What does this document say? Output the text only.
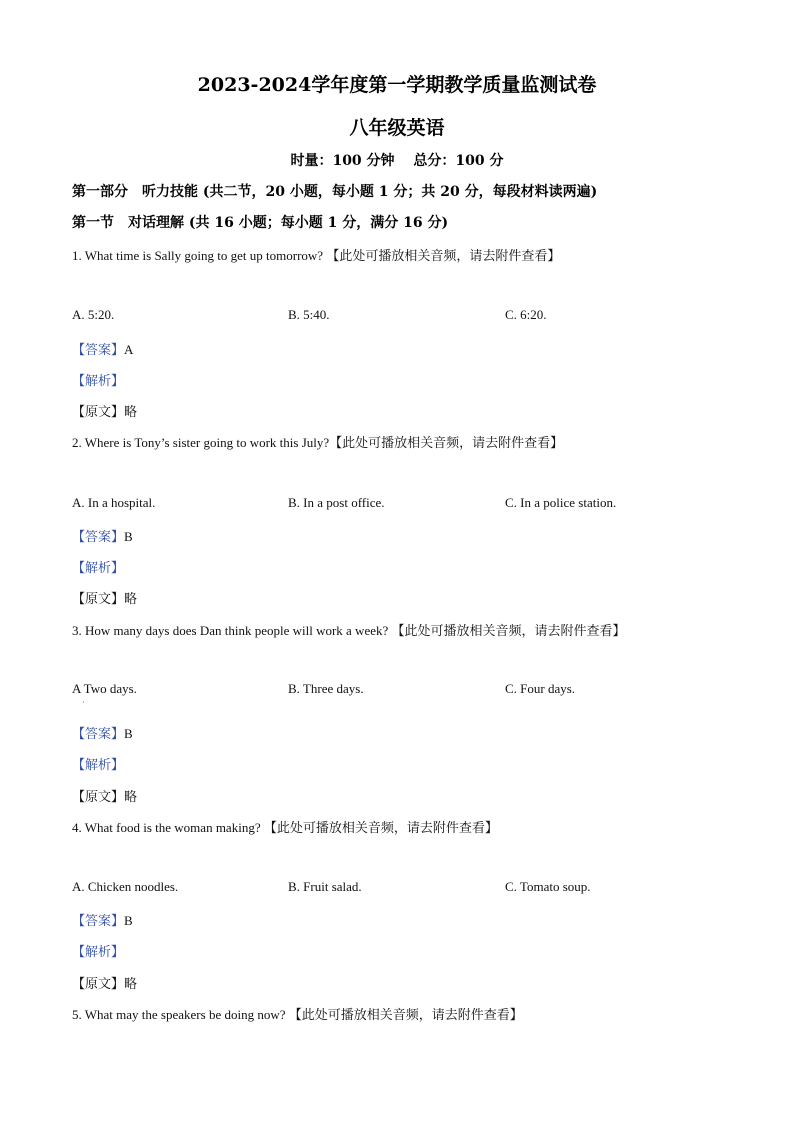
2023-2024学年度第一学期教学质量监测试卷
八年级英语
时量：100 分钟　 总分：100 分
第一部分　听力技能 (共二节，20 小题，每小题 1 分；共 20 分，每段材料读两遍)
第一节　对话理解 (共 16 小题；每小题 1 分，满分 16 分)
1. What time is Sally going to get up tomorrow? 【此处可播放相关音频，请去附件查看】
A. 5:20.	B. 5:40.	C. 6:20.
【答案】A
【解析】
【原文】略
2. Where is Tony’s sister going to work this July?【此处可播放相关音频，请去附件查看】
A. In a hospital.	B. In a post office.	C. In a police station.
【答案】B
【解析】
【原文】略
3. How many days does Dan think people will work a week? 【此处可播放相关音频，请去附件查看】
A Two days.
·
B. Three days.	C. Four days.
【答案】B
【解析】
【原文】略
4. What food is the woman making? 【此处可播放相关音频，请去附件查看】
A. Chicken noodles.	B. Fruit salad.	C. Tomato soup.
【答案】B
【解析】
【原文】略
5. What may the speakers be doing now? 【此处可播放相关音频，请去附件查看】
